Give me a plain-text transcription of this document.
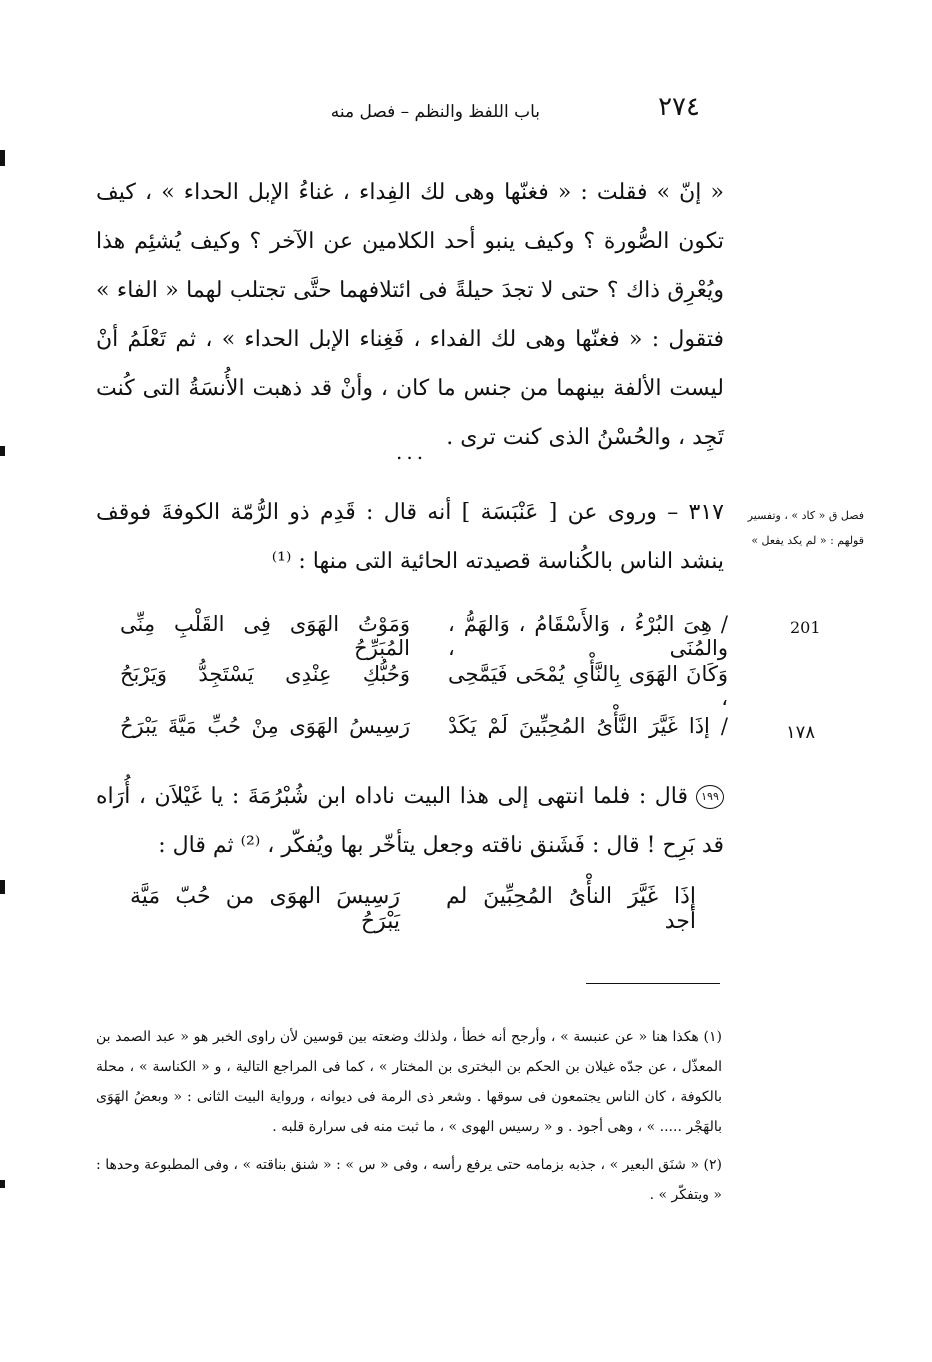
٢٧٤
باب اللفظ والنظم – فصل منه
« إنّ » فقلت : « فغنّها وهى لك الفِداء ، غناءُ الإبل الحداء » ، كيف تكون الصُّورة ؟ وكيف ينبو أحد الكلامين عن الآخر ؟ وكيف يُشئِم هذا ويُعْرِق ذاك ؟ حتى لا تجدَ حيلةً فى ائتلافهما حتَّى تجتلب لهما « الفاء » فتقول : « فغنّها وهى لك الفداء ، فَغِناء الإبل الحداء » ، ثم تَعْلَمُ أنْ ليست الألفة بينهما من جنس ما كان ، وأنْ قد ذهبت الأُنسَةُ التى كُنت تَجِد ، والحُسْنُ الذى كنت ترى .
...
فصل ق « كاد » ، وتفسير
قولهم : « لم يكد يفعل »
٣١٧ – وروى عن [ عَنْبَسَة ] أنه قال : قَدِم ذو الرُّمّة الكوفةَ فوقف ينشد الناس بالكُناسة قصيدته الحائية التى منها : ⁽¹⁾
201
١٧٨
/ هِىَ البُرْءُ ، وَالأَسْقَامُ ، وَالهَمُّ ، والمُنَى ،
وَمَوْتُ الهَوَى فِى القَلْبِ مِنِّى المُبَرِّحُ
وَكَانَ الهَوَى بِالنَّأْىِ يُمْحَى فَيَمَّحِى ،
وَحُبُّكِ عِنْدِى يَسْتَجِدُّ وَيَرْبَحُ
/ إذَا غَيَّرَ النَّأْىُ المُحِبِّينَ لَمْ يَكَدْ
رَسِيسُ الهَوَى مِنْ حُبِّ مَيَّةَ يَبْرَحُ
١٩٩قال : فلما انتهى إلى هذا البيت ناداه ابن شُبْرُمَةَ : يا غَيْلاَن ، أُرَاه قد بَرِح ! قال : فَشَنق ناقته وجعل يتأخّر بها ويُفكّر ، ⁽²⁾ ثم قال :
إذَا غَيَّرَ النأْىُ المُحِبِّينَ لم أجد
رَسِيسَ الهوَى من حُبّ مَيَّة يَبْرَحُ

(١) هكذا هنا « عن عنبسة » ، وأرجح أنه خطأ ، ولذلك وضعته بين قوسين لأن راوى الخبر هو « عبد الصمد بن المعذّل ، عن جدّه غيلان بن الحكم بن البخترى بن المختار » ، كما فى المراجع التالية ، و « الكناسة » ، محلة بالكوفة ، كان الناس يجتمعون فى سوقها . وشعر ذى الرمة فى ديوانه ، ورواية البيت الثانى : « وبعضُ الهَوَى بالهَجْر ..... » ، وهى أجود . و « رسيس الهوى » ، ما ثبت منه فى سرارة قلبه .

(٢) « شنَق البعير » ، جذبه بزمامه حتى يرفع رأسه ، وفى « س » : « شنق بناقته » ، وفى المطبوعة وحدها : « ويتفكّر » .
